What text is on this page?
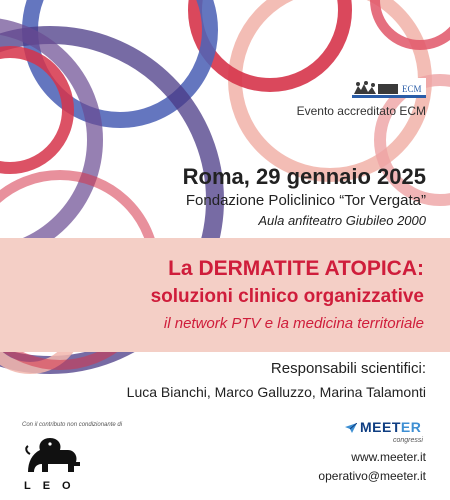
ECM
Evento accreditato ECM
Roma, 29 gennaio 2025
Fondazione Policlinico “Tor Vergata”
Aula anfiteatro Giubileo 2000
La DERMATITE ATOPICA:
soluzioni clinico organizzative
il network PTV e la medicina territoriale
Responsabili scientifici:
Luca Bianchi, Marco Galluzzo, Marina Talamonti
Con il contributo non condizionante di
LEO
MEETER
congressi
www.meeter.it
operativo@meeter.it
